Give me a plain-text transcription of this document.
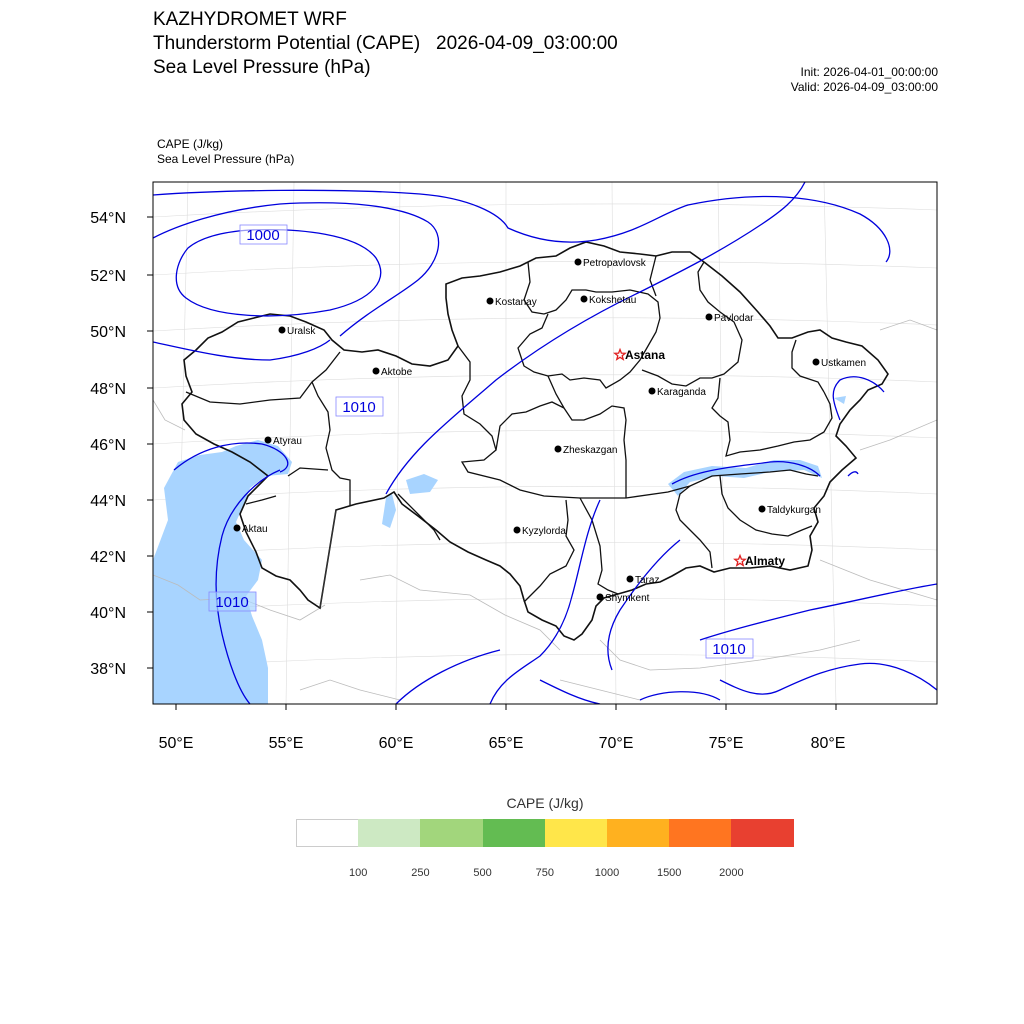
KAZHYDROMET WRF
Thunderstorm Potential (CAPE) 2026-04-09_03:00:00
Sea Level Pressure (hPa)	Init: 2026-04-01_00:00:00
Valid: 2026-04-09_03:00:00
CAPE (J/kg)
Sea Level Pressure (hPa)
54°N
52°N
50°N
48°N
46°N
44°N
42°N
40°N
38°N
50°E	55°E	60°E	65°E	70°E	75°E	80°E
1000
1010
1010
1010
Petropavlovsk
Kostanay	Kokshetau
Pavlodar
Uralsk
Astana
Aktobe
Ustkamen
Karaganda
Atyrau
Zheskazgan
Aktau	Kyzylorda
Taldykurgan
Almaty
Taraz
Shymkent
CAPE (J/kg)
100	250	500	750	1000	1500	2000
